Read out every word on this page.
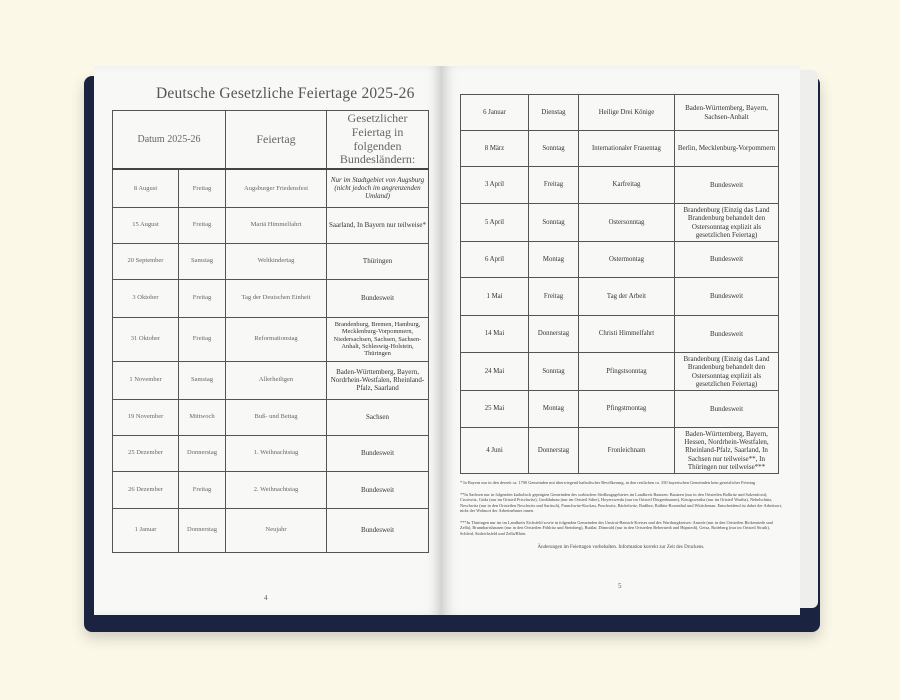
Deutsche Gesetzliche Feiertage 2025-26
Datum 2025-26		Feiertag	Gesetzlicher Feiertag in folgenden Bundesländern:
8 August	Freitag	Augsburger Friedensfest	Nur im Stadtgebiet von Augsburg (nicht jedoch im angrenzenden Umland)
15 August	Freitag	Mariä Himmelfahrt	Saarland, In Bayern nur teilweise*
20 September	Samstag	Weltkindertag	Thüringen
3 Oktober	Freitag	Tag der Deutschen Einheit	Bundesweit
31 Oktober	Freitag	Reformationstag	Brandenburg, Bremen, Hamburg, Mecklenburg-Vorpommern, Niedersachsen, Sachsen, Sachsen-Anhalt, Schleswig-Holstein, Thüringen
1 November	Samstag	Allerheiligen	Baden-Württemberg, Bayern, Nordrhein-Westfalen, Rheinland-Pfalz, Saarland
19 November	Mittwoch	Buß- und Bettag	Sachsen
25 Dezember	Donnerstag	1. Weihnachtstag	Bundesweit
26 Dezember	Freitag	2. Weihnachtstag	Bundesweit
1 Januar	Donnerstag	Neujahr	Bundesweit
6 Januar	Dienstag	Heilige Drei Könige	Baden-Württemberg, Bayern, Sachsen-Anhalt
8 März	Sonntag	Internationaler Frauentag	Berlin, Mecklenburg-Vorpommern
3 April	Freitag	Karfreitag	Bundesweit
5 April	Sonntag	Ostersonntag	Brandenburg (Einzig das Land Brandenburg behandelt den Ostersonntag explizit als gesetzlichen Feiertag)
6 April	Montag	Ostermontag	Bundesweit
1 Mai	Freitag	Tag der Arbeit	Bundesweit
14 Mai	Donnerstag	Christi Himmelfahrt	Bundesweit
24 Mai	Sonntag	Pfingstsonntag	Brandenburg (Einzig das Land Brandenburg behandelt den Ostersonntag explizit als gesetzlichen Feiertag)
25 Mai	Montag	Pfingstmontag	Bundesweit
4 Juni	Donnerstag	Fronleichnam	Baden-Württemberg, Bayern, Hessen, Nordrhein-Westfalen, Rheinland-Pfalz, Saarland, In Sachsen nur teilweise**, In Thüringen nur teilweise***

* In Bayern nur in den derzeit ca. 1700 Gemeinden mit überwiegend katholischer Bevölkerung, in den restlichen ca. 350 bayerischen Gemeinden kein gesetzlicher Feiertag

**In Sachsen nur in folgenden katholisch geprägten Gemeinden des sorbischen Siedlungsgebietes im Landkreis Bautzen: Bautzen (nur in den Ortsteilen Bolbritz und Salzenforst), Crostwitz, Göda (nur im Ortsteil Prischwitz), Großdubrau (nur im Ortsteil Sdier), Hoyerswerda (nur im Ortsteil Dörgenhausen), Königswartha (nur im Ortsteil Wartha), Nebelschütz, Neschwitz (nur in den Ortsteilen Neschwitz und Saritsch), Panschwitz-Kuckau, Puschwitz, Räckelwitz, Radibor, Ralbitz-Rosenthal und Wittichenau. Entscheidend ist dabei der Arbeitsort, nicht der Wohnort der Arbeitnehmer innen.

***In Thüringen nur im im Landkreis Eichsfeld sowie in folgenden Gemeinden des Unstrut-Hainich-Kreises und des Wartburgkreises: Anrode (nur in den Ortsteilen Bickenriede und Zella), Brunnhartshausen (nur in den Ortsteilen Föhlritz und Steinberg), Buttlar, Dünwald (nur in den Ortsteilen Beberstedt und Hüpstedt), Geisa, Rodeberg (nur im Ortsteil Struth), Schleid, Südeichsfeld und Zella/Rhön.

Änderungen im Feiertagen vorbehalten. Information korrekt zur Zeit des Druckens.

4
5
